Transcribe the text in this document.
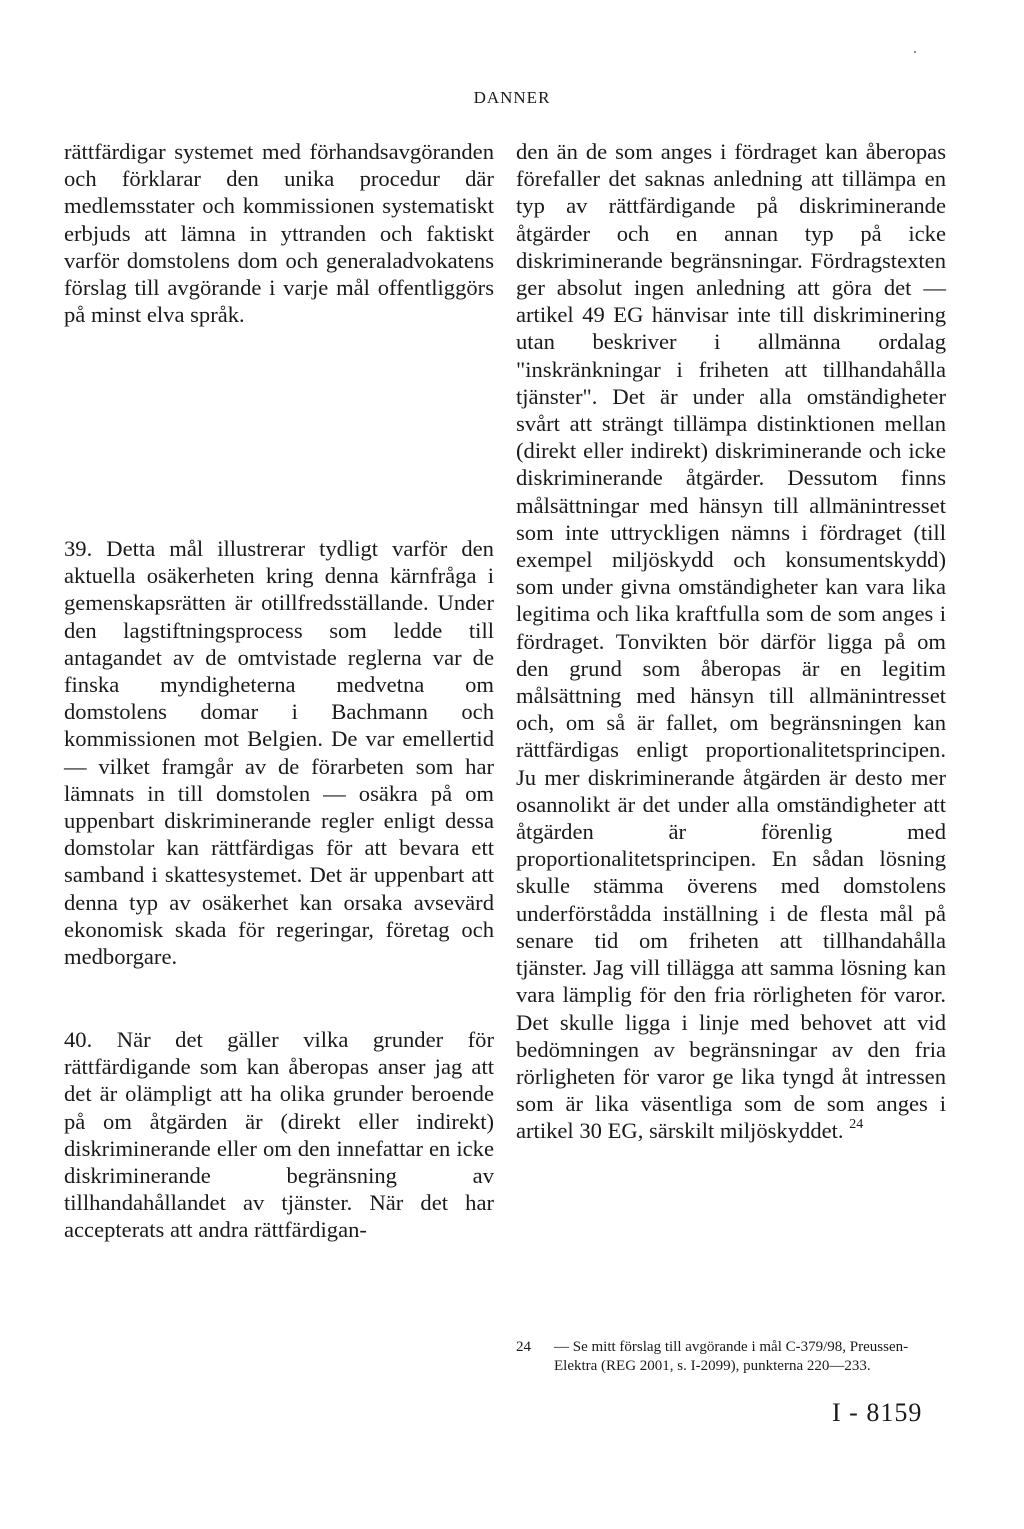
DANNER

rättfärdigar systemet med förhandsavgöranden och förklarar den unika procedur där medlemsstater och kommissionen systematiskt erbjuds att lämna in yttranden och faktiskt varför domstolens dom och generaladvokatens förslag till avgörande i varje mål offentliggörs på minst elva språk.

39. Detta mål illustrerar tydligt varför den aktuella osäkerheten kring denna kärnfråga i gemenskapsrätten är otillfredsställande. Under den lagstiftningsprocess som ledde till antagandet av de omtvistade reglerna var de finska myndigheterna medvetna om domstolens domar i Bachmann och kommissionen mot Belgien. De var emellertid — vilket framgår av de förarbeten som har lämnats in till domstolen — osäkra på om uppenbart diskriminerande regler enligt dessa domstolar kan rättfärdigas för att bevara ett samband i skattesystemet. Det är uppenbart att denna typ av osäkerhet kan orsaka avsevärd ekonomisk skada för regeringar, företag och medborgare.

40. När det gäller vilka grunder för rättfärdigande som kan åberopas anser jag att det är olämpligt att ha olika grunder beroende på om åtgärden är (direkt eller indirekt) diskriminerande eller om den innefattar en icke diskriminerande begränsning av tillhandahållandet av tjänster. När det har accepterats att andra rättfärdigan-

den än de som anges i fördraget kan åberopas förefaller det saknas anledning att tillämpa en typ av rättfärdigande på diskriminerande åtgärder och en annan typ på icke diskriminerande begränsningar. Fördragstexten ger absolut ingen anledning att göra det — artikel 49 EG hänvisar inte till diskriminering utan beskriver i allmänna ordalag "inskränkningar i friheten att tillhandahålla tjänster". Det är under alla omständigheter svårt att strängt tillämpa distinktionen mellan (direkt eller indirekt) diskriminerande och icke diskriminerande åtgärder. Dessutom finns målsättningar med hänsyn till allmänintresset som inte uttryckligen nämns i fördraget (till exempel miljöskydd och konsumentskydd) som under givna omständigheter kan vara lika legitima och lika kraftfulla som de som anges i fördraget. Tonvikten bör därför ligga på om den grund som åberopas är en legitim målsättning med hänsyn till allmänintresset och, om så är fallet, om begränsningen kan rättfärdigas enligt proportionalitetsprincipen. Ju mer diskriminerande åtgärden är desto mer osannolikt är det under alla omständigheter att åtgärden är förenlig med proportionalitetsprincipen. En sådan lösning skulle stämma överens med domstolens underförstådda inställning i de flesta mål på senare tid om friheten att tillhandahålla tjänster. Jag vill tillägga att samma lösning kan vara lämplig för den fria rörligheten för varor. Det skulle ligga i linje med behovet att vid bedömningen av begränsningar av den fria rörligheten för varor ge lika tyngd åt intressen som är lika väsentliga som de som anges i artikel 30 EG, särskilt miljöskyddet. $^{24}$

24 — Se mitt förslag till avgörande i mål C-379/98, Preussen-
Elektra (REG 2001, s. I-2099), punkterna 220—233.
I - 8159
